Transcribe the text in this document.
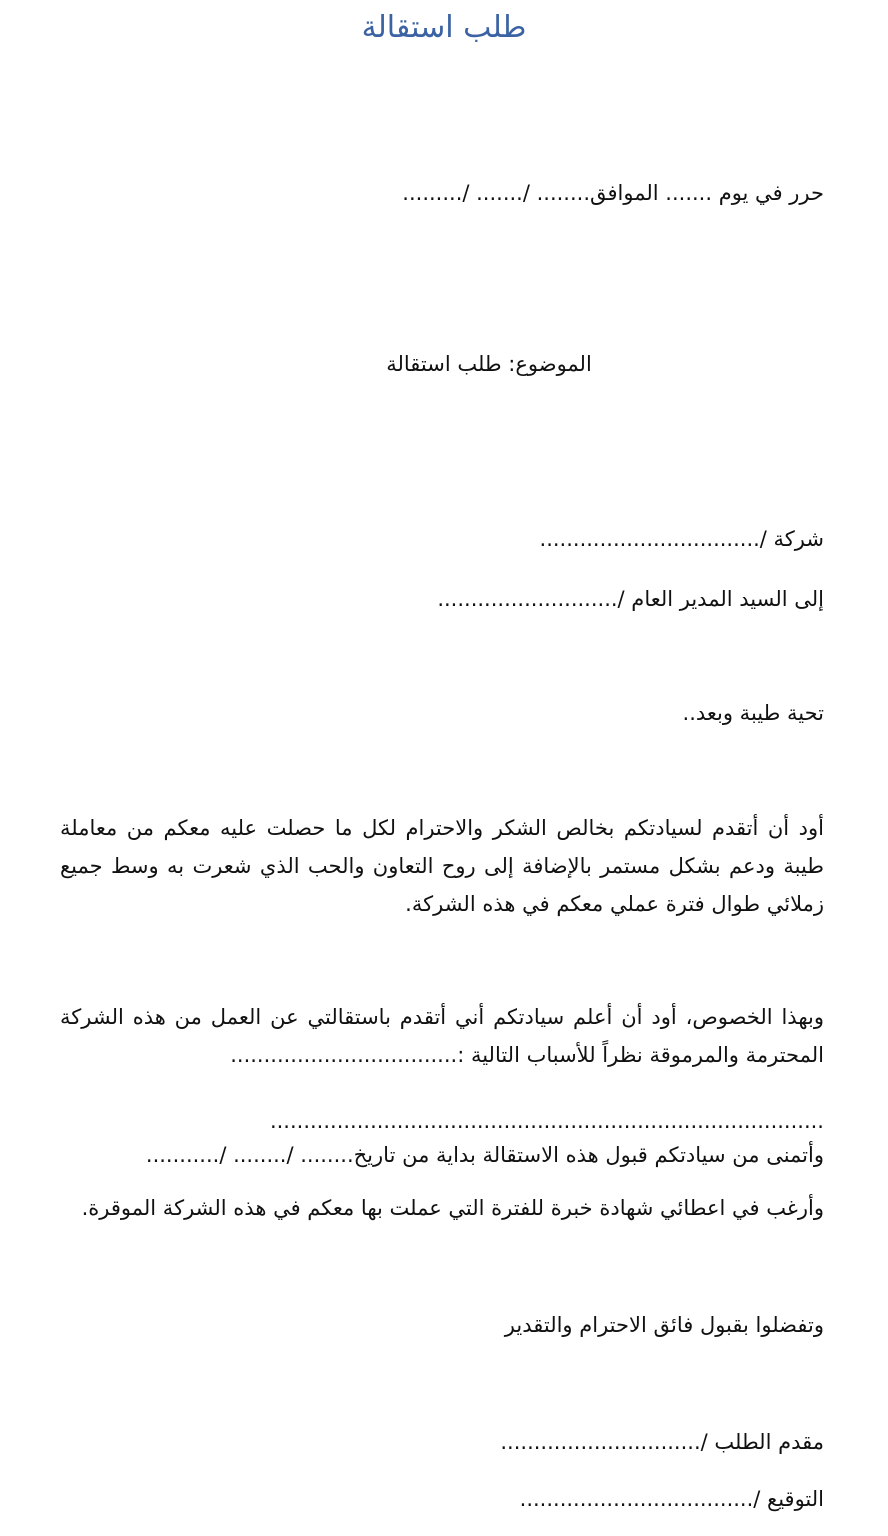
طلب استقالة
حرر في يوم ....... الموافق........ /....... /.........
الموضوع: طلب استقالة
شركة /.................................
إلى السيد المدير العام /...........................
تحية طيبة وبعد..
أود أن أتقدم لسيادتكم بخالص الشكر والاحترام لكل ما حصلت عليه معكم من معاملة
طيبة ودعم بشكل مستمر بالإضافة إلى روح التعاون والحب الذي شعرت به وسط جميع
زملائي طوال فترة عملي معكم في هذه الشركة.
وبهذا الخصوص، أود أن أعلم سيادتكم أني أتقدم باستقالتي عن العمل من هذه الشركة
المحترمة والمرموقة نظراً للأسباب التالية :..................................
...................................................................................
وأتمنى من سيادتكم قبول هذه الاستقالة بداية من تاريخ........ /........ /...........
وأرغب في اعطائي شهادة خبرة للفترة التي عملت بها معكم في هذه الشركة الموقرة.
وتفضلوا بقبول فائق الاحترام والتقدير
مقدم الطلب /..............................
التوقيع /...................................
